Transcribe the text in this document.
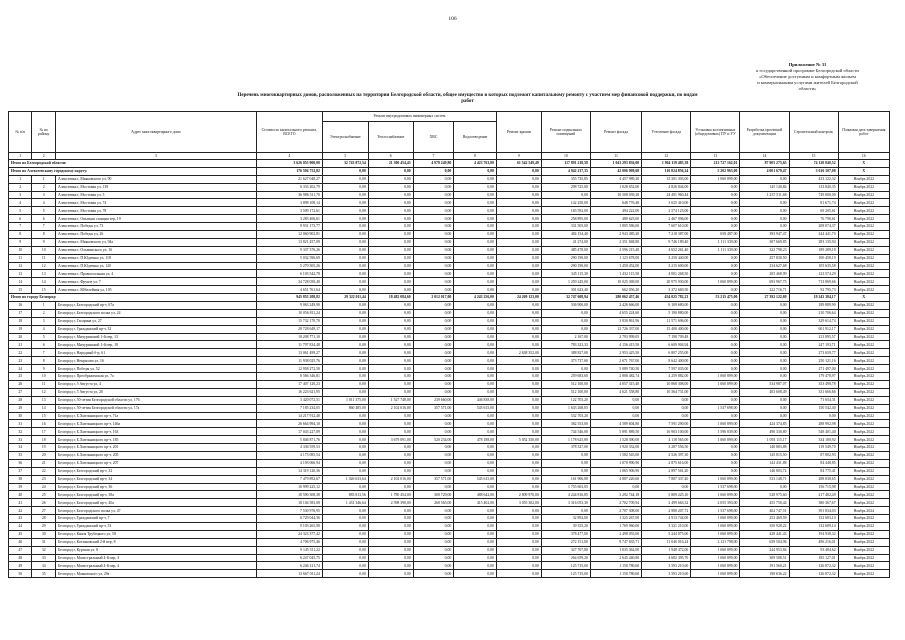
106
Приложение № 31
к государственной программе Белгородской области
«Обеспечение доступным и комфортным жильем
и коммунальными услугами жителей Белгородской
области»
Перечень многоквартирных домов, расположенных на территории Белгородской области, общее имущество в которых подлежит капитальному ремонту с участием мер финансовой поддержки, по видам
работ
№ п/п	№ по району	Адрес многоквартирного дома	Стоимость капитального ремонта, ВСЕГО	Ремонт внутридомовых инженерных систем				Ремонт крыши	Ремонт подвальных помещений	Ремонт фасада	Утепление фасада	Установка коллективных (общедомовых) ПУ и УУ	Разработка проектной документации	Строительный контроль	Плановая дата завершения работ
				Электроснабжение	Теплоснабжение	ХВС	Водоотведение								
1	2	3	4	5	6	7	8	9	10	11	12	13	14	15	16
Итого по Белгородской области:			3 626 055 900,00	32 743 872,54	21 300 454,43	4 978 249,80	4 423 763,00	61 542 549,49	117 891 218,58	1 043 293 836,00	1 964 119 485,38	212 727 162,01	87 905 275,65	74 120 840,52	Х
Итого по Алексеевскому городскому округу:			176 594 752,82	0,00	0,00	0,00	0,00	0,00	4 942 237,35	42 006 909,68	116 824 856,24	5 202 963,00	4 001 679,47	3 616 107,08	Х
1	1	Алексеевка г, Маяковского ул, 90	21 627 048,27	0,00	0,00	0,00	0,00	0,00	355 735,85	4 457 989,20	15 301 303,00	1 060 899,00	0,00	433 122,32	Ноябрь 2022
2	2	Алексеевка г, Мостовая ул, 139	6 333 202,79	0,00	0,00	0,00	0,00	0,00	298 725,00	1 028 652,00	4 826 844,00	0,00	145 140,84	133 840,35	Ноябрь 2022
3	3	Алексеевка г, Мостовая ул, 3	36 986 511,70	0,00	0,00	0,00	0,00	0,00	0,00	10 508 039,28	24 491 960,44	0,00	1 237 511,68	749 000,00	Ноябрь 2022
4	4	Алексеевка г, Мостовая ул, 74	3 898 108,14	0,00	0,00	0,00	0,00	0,00	142 250,00	648 776,40	3 025 410,00	0,00	0,00	81 671,74	Ноябрь 2022
5	5	Алексеевка г, Мостовая ул, 78	3 509 172,61	0,00	0,00	0,00	0,00	0,00	165 592,00	494 222,00	2 574 123,00	0,00	0,00	69 205,61	Ноябрь 2022
6	6	Алексеевка г, Опытная станция тер, 19	3 283 406,61	0,00	0,00	0,00	0,00	0,00	258 895,00	480 625,00	2 467 096,00	0,00	0,00	76 790,61	Ноябрь 2022
7	7	Алексеевка г, Победы ул, 73	9 931 173,77	0,00	0,00	0,00	0,00	0,00	331 505,00	1 805 586,00	7 607 610,00	0,00	0,00	208 074,37	Ноябрь 2022
8	8	Алексеевка г, Победы ул, 26	12 060 902,81	0,00	0,00	0,00	0,00	0,00	484 154,40	2 943 485,20	7 218 387,00	658 487,00	393 947,47	244 441,70	Ноябрь 2022
9	9	Алексеевка г, Маяковского ул, 94а	13 821 457,09	0,00	0,00	0,00	0,00	0,00	41 274,00	2 351 848,80	9 746 189,40	1 111 339,00	307 669,85	283 135,94	Ноябрь 2022
10	10	Алексеевка г, Ольминского ул, 16	9 337 376,26	0,00	0,00	0,00	0,00	0,00	485 478,00	2 596 215,40	4 652 261,40	1 111 339,00	322 798,23	189 289,18	Ноябрь 2022
11	11	Алексеевка г, П.Юдеенко ул, 118	5 032 596,69	0,00	0,00	0,00	0,00	0,00	290 190,00	1 123 678,00	3 250 440,00	0,00	257 830,50	100 458,19	Ноябрь 2022
12	12	Алексеевка г, П.Юдеенко ул, 120	5 270 505,26	0,00	0,00	0,00	0,00	0,00	290 190,00	1 450 452,00	3 215 600,00	0,00	234 627,68	105 635,58	Ноябрь 2022
13	13	Алексеевка г, Правоохальная ул, 4	6 103 542,78	0,00	0,00	0,00	0,00	0,00	345 115,30	1 432 115,50	4 001 268,50	0,00	205 468,99	123 574,29	Ноябрь 2022
14	14	Алексеевка г, Фрунзе ул, 7	34 728 050,40	0,00	0,00	0,00	0,00	0,00	1 259 245,00	10 025 369,00	20 975 930,00	1 060 899,00	693 967,75	713 069,66	Ноябрь 2022
15	15	Алексеевка г, Юбилейная ул, 105	4 651 761,64	0,00	0,00	0,00	0,00	0,00	301 623,40	662 056,20	3 372 669,50	0,00	222 716,71	92 795,73	Ноябрь 2022
Итого по городу Белгород:			945 855 208,82	29 322 011,44	18 482 084,60	2 012 017,00	4 243 256,00	24 269 123,00	32 747 608,94	280 062 457,46	454 025 782,23	53 215 475,00	27 392 122,69	19 243 384,17	Х
16	1	Белгород г, Белгородский пр-т, 67а	9 063 249,90	0,00	0,00	0,00	0,00	0,00	336 900,00	2 426 666,00	6 109 680,00	0,00	0,00	189 889,90	Ноябрь 2022
17	2	Белгород г, Белгородского полка ул, 24	10 056 811,24	0,00	0,00	0,00	0,00	0,00	0,00	4 655 224,60	5 190 880,00	0,00	0,00	210 706,64	Ноябрь 2022
18	3	Белгород г, Гагарина ул, 27	15 732 170,70	0,00	0,00	0,00	0,00	0,00	0,00	3 830 861,96	11 571 696,00	0,00	0,00	329 614,74	Ноябрь 2022
19	4	Белгород г, Гражданский пр-т, 32	28 728 649,17	0,00	0,00	0,00	0,00	0,00	0,00	12 726 337,00	15 400 400,00	0,00	0,00	601 912,17	Ноябрь 2022
20	5	Белгород г, Мичуринский 1-й пер, 13	10 208 771,10	0,00	0,00	0,00	0,00	0,00	2 167,00	2 793 999,05	7 198 709,48	0,00	0,00	213 895,57	Ноябрь 2022
21	6	Белгород г, Мичуринский 1-й пер, 18	11 797 834,48	0,00	0,00	0,00	0,00	0,00	783 323,33	4 156 415,50	6 609 904,94	0,00	0,00	247 193,71	Ноябрь 2022
22	7	Белгород г, Народный б-р, 61	13 061 499,27	0,00	0,00	0,00	0,00	2 638 352,00	388 827,00	2 953 425,50	6 807 255,00	0,00	0,00	273 659,77	Ноябрь 2022
23	8	Белгород г, Некрасова ул, 16	11 938 025,76	0,00	0,00	0,00	0,00	0,00	373 737,60	2 671 767,00	8 642 400,00	0,00	0,00	250 121,16	Ноябрь 2022
24	9	Белгород г, Победы ул, 52	12 958 272,50	0,00	0,00	0,00	0,00	0,00	0,00	5 089 740,50	7 597 035,00	0,00	0,00	271 497,00	Ноябрь 2022
25	10	Белгород г, Преображенская ул, 7а	8 566 346,81	0,00	0,00	0,00	0,00	0,00	259 683,60	2 808 482,74	4 259 882,00	1 060 899,00	0,00	179 478,97	Ноябрь 2022
26	11	Белгород г, 5 Августа ул, 4	17 407 120,23	0,00	0,00	0,00	0,00	0,00	512 100,00	4 057 315,40	10 868 308,00	1 060 899,00	534 987,07	353 498,78	Ноябрь 2022
27	12	Белгород г, 5 Августа ул, 20	16 223 621,95	0,00	0,00	0,00	0,00	0,00	512 100,00	4 621 558,80	10 364 731,00	0,00	403 608,49	331 666,66	Ноябрь 2022
28	13	Белгород г, 50-летия Белгородской области ул, 176	3 420 072,51	1 011 375,00	1 527 748,00	239 660,00	446 838,00	0,00	122 703,20	0,00	0,00	0,00	0,00	71 654,31	Ноябрь 2022
29	14	Белгород г, 50-летия Белгородской области ул, 17а	7 185 234,05	860 485,00	2 102 016,00	357 571,00	545 615,00	0,00	1 633 268,05	0,00	0,00	1 537 698,00	0,00	150 542,40	Ноябрь 2022
30	15	Белгород г, Б.Хмельницкого пр-т, 71а	14 217 912,40	0,00	0,00	0,00	0,00	0,00	532 703,20	0,00	0,00	0,00	0,00	0,00	Ноябрь 2022
31	16	Белгород г, Б.Хмельницкого пр-т, 146а	26 664 994,10	0,00	0,00	0,00	0,00	0,00	362 553,00	4 589 604,80	7 591 290,00	1 060 899,00	424 374,85	288 992,98	Ноябрь 2022
32	17	Белгород г, Б.Хмельницкого пр-т, 163	17 043 227,09	0,00	0,00	0,00	0,00	0,00	744 546,00	5 891 889,50	16 903 100,00	1 596 839,00	490 330,80	548 401,40	Ноябрь 2022
33	18	Белгород г, Б.Хмельницкого пр-т, 185	5 846 871,76	0,00	3 679 091,00	520 234,00	478 188,00	5 052 350,00	1 178 625,80	1 528 390,00	4 118 565,00	1 060 899,00	1 093 115,17	334 180,92	Ноябрь 2022
34	19	Белгород г, Б.Хмельницкого пр-т, 201	4 336 559,53	0,00	0,00	0,00	0,00	0,00	378 327,00	1 920 332,00	3 287 556,50	0,00	140 883,88	119 549,70	Ноябрь 2022
35	20	Белгород г, Б.Хмельницкого пр-т, 205	4 173 085,54	0,00	0,00	0,00	0,00	0,00	0,00	1 582 545,00	2 526 397,30	0,00	145 815,50	87 802,93	Ноябрь 2022
36	21	Белгород г, Б.Хмельницкого пр-т, 207	4 193 066,94	0,00	0,00	0,00	0,00	0,00	0,00	1 070 990,90	2 875 616,00	0,00	142 431,88	84 448,85	Ноябрь 2022
37	22	Белгород г, Белгородский пр-т, 32	14 319 120,36	0,00	0,00	0,00	0,00	0,00	0,00	1 065 906,90	2 897 561,20	0,00	146 803,72	84 775,41	Ноябрь 2022
38	23	Белгород г, Белгородский пр-т, 34	7 479 892,67	1 026 633,64	2 102 016,00	357 571,00	545 615,00	0,00	161 906,00	4 887 220,60	7 887 337,40	1 060 899,00	533 148,71	288 838,65	Ноябрь 2022
39	24	Белгород г, Белгородский пр-т, 36	10 999 225,12	0,00	0,00	0,00	0,00	0,00	1 755 603,05	0,00	0,00	1 537 698,00	0,00	156 715,98	Ноябрь 2022
40	25	Белгород г, Белгородский пр-т, 38а	18 590 308,38	883 813,56	1 780 454,00	308 729,00	488 642,00	2 809 970,00	4 244 816,85	3 292 744,18	5 809 225,10	1 060 899,00	528 975,60	217 482,49	Ноябрь 2022
41	26	Белгород г, Белгородский пр-т, 40а	18 104 583,08	1 431 346,64	2 598 390,00	268 565,00	415 402,00	3 055 302,00	3 316 053,30	2 702 709,94	2 499 663,32	2 055 393,00	455 750,44	380 367,67	Ноябрь 2022
42	27	Белгород г, Белгородского полка ул, 47	7 530 976,95	0,00	0,00	0,00	0,00	0,00	0,00	2 707 308,00	2 980 207,72	1 537 698,00	402 747,51	391 834,03	Ноябрь 2024
43	28	Белгород г, Гражданский пр-т, 7	6 729 044,36	0,00	0,00	0,00	0,00	0,00	32 892,00	1 325 267,00	4 913 744,00	1 060 899,00	253 469,59	152 683,13	Ноябрь 2022
44	29	Белгород г, Гражданский пр-т, 53	9 103 265,98	0,00	0,00	0,00	0,00	0,00	39 355,20	1 769 960,00	3 331 210,00	1 060 899,00	350 928,22	132 689,14	Ноябрь 2022
45	30	Белгород г, Князя Трубецкого ул, 58	24 323 377,42	0,00	0,00	0,00	0,00	0,00	378 477,00	2 498 055,00	5 244 875,00	1 060 899,00	428 441,43	194 938,32	Ноябрь 2022
46	31	Белгород г, Котляковский 2-й пер, 8	4 706 975,46	0,00	0,00	0,00	0,00	0,00	272 151,00	9 747 635,71	11 046 016,24	2 121 798,00	639 504,96	496 216,01	Ноябрь 2022
47	32	Белгород г, Курская ул, 8	9 145 311,22	0,00	0,00	0,00	0,00	0,00	327 707,80	1 035 362,00	1 948 472,00	1 060 899,00	244 953,84	93 484,62	Ноябрь 2022
48	33	Белгород г, Магистральный 4-й пер, 3	6 247 045,75	0,00	0,00	0,00	0,00	0,00	264 659,20	2 645 440,80	4 682 395,70	1 060 899,00	309 588,51	185 127,01	Ноябрь 2022
49	34	Белгород г, Магистральный 4-й пер, 4	6 246 121,74	0,00	0,00	0,00	0,00	0,00	125 715,00	1 150 780,60	3 593 210,60	1 060 899,00	191 560,21	126 872,32	Ноябрь 2022
50	35	Белгород г, Маяковского ул, 29а	13 667 011,24	0,00	0,00	0,00	0,00	0,00	125 715,00	1 150 780,60	3 593 210,60	1 060 899,00	190 636,22	126 872,32	Ноябрь 2022
